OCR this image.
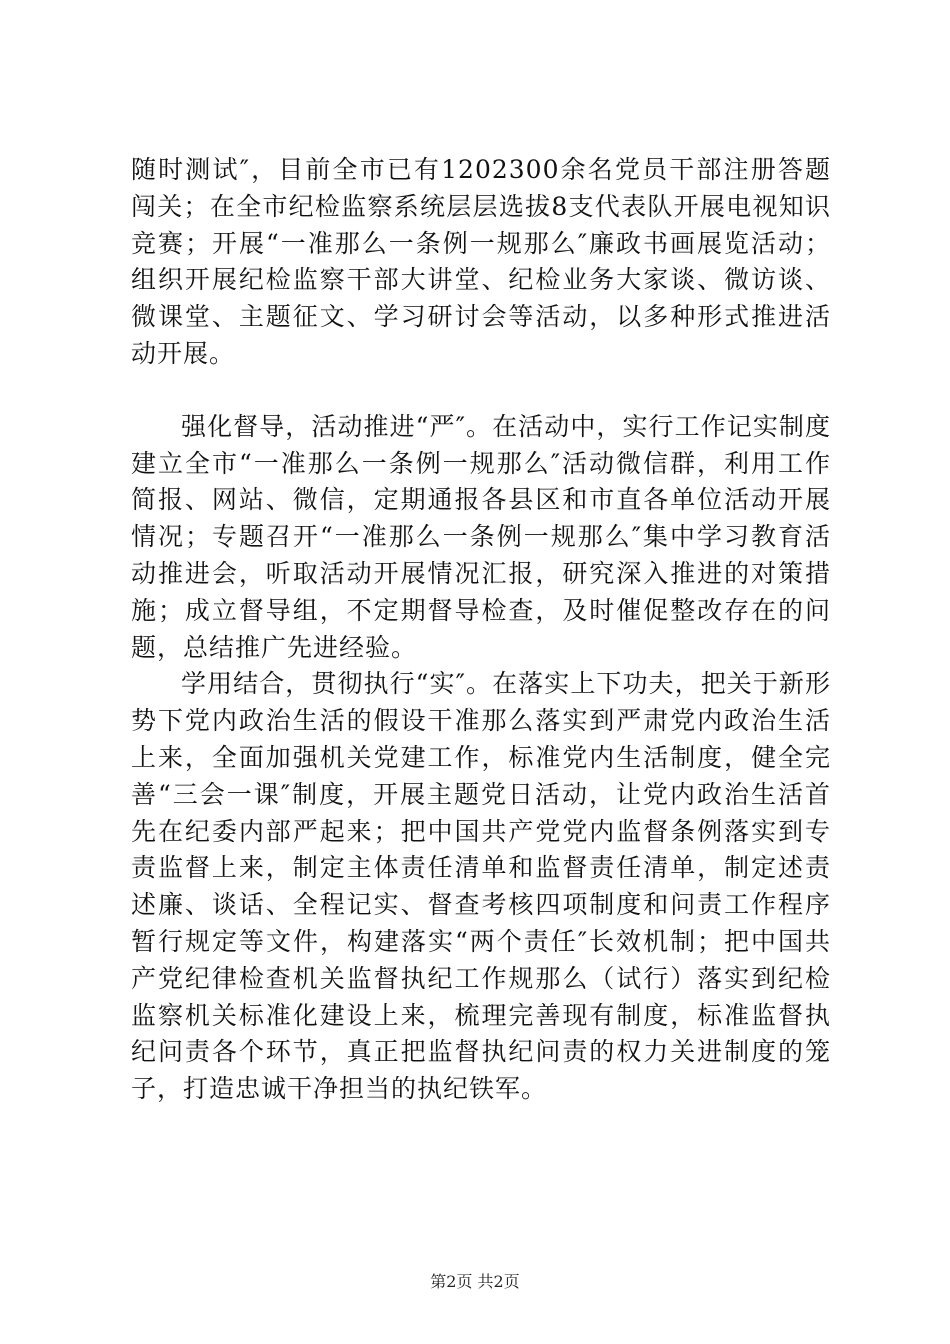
随时测试″，目前全市已有1202300余名党员干部注册答题闯关；在全市纪检监察系统层层选拔8支代表队开展电视知识竞赛；开展“一准那么一条例一规那么″廉政书画展览活动；组织开展纪检监察干部大讲堂、纪检业务大家谈、微访谈、微课堂、主题征文、学习研讨会等活动，以多种形式推进活动开展。

强化督导，活动推进“严″。在活动中，实行工作记实制度建立全市“一准那么一条例一规那么″活动微信群，利用工作简报、网站、微信，定期通报各县区和市直各单位活动开展情况；专题召开“一准那么一条例一规那么″集中学习教育活动推进会，听取活动开展情况汇报，研究深入推进的对策措施；成立督导组，不定期督导检查，及时催促整改存在的问题，总结推广先进经验。

学用结合，贯彻执行“实″。在落实上下功夫，把关于新形势下党内政治生活的假设干准那么落实到严肃党内政治生活上来，全面加强机关党建工作，标准党内生活制度，健全完善“三会一课″制度，开展主题党日活动，让党内政治生活首先在纪委内部严起来；把中国共产党党内监督条例落实到专责监督上来，制定主体责任清单和监督责任清单，制定述责述廉、谈话、全程记实、督查考核四项制度和问责工作程序暂行规定等文件，构建落实“两个责任″长效机制；把中国共产党纪律检查机关监督执纪工作规那么（试行）落实到纪检监察机关标准化建设上来，梳理完善现有制度，标准监督执纪问责各个环节，真正把监督执纪问责的权力关进制度的笼子，打造忠诚干净担当的执纪铁军。

第2页 共2页
